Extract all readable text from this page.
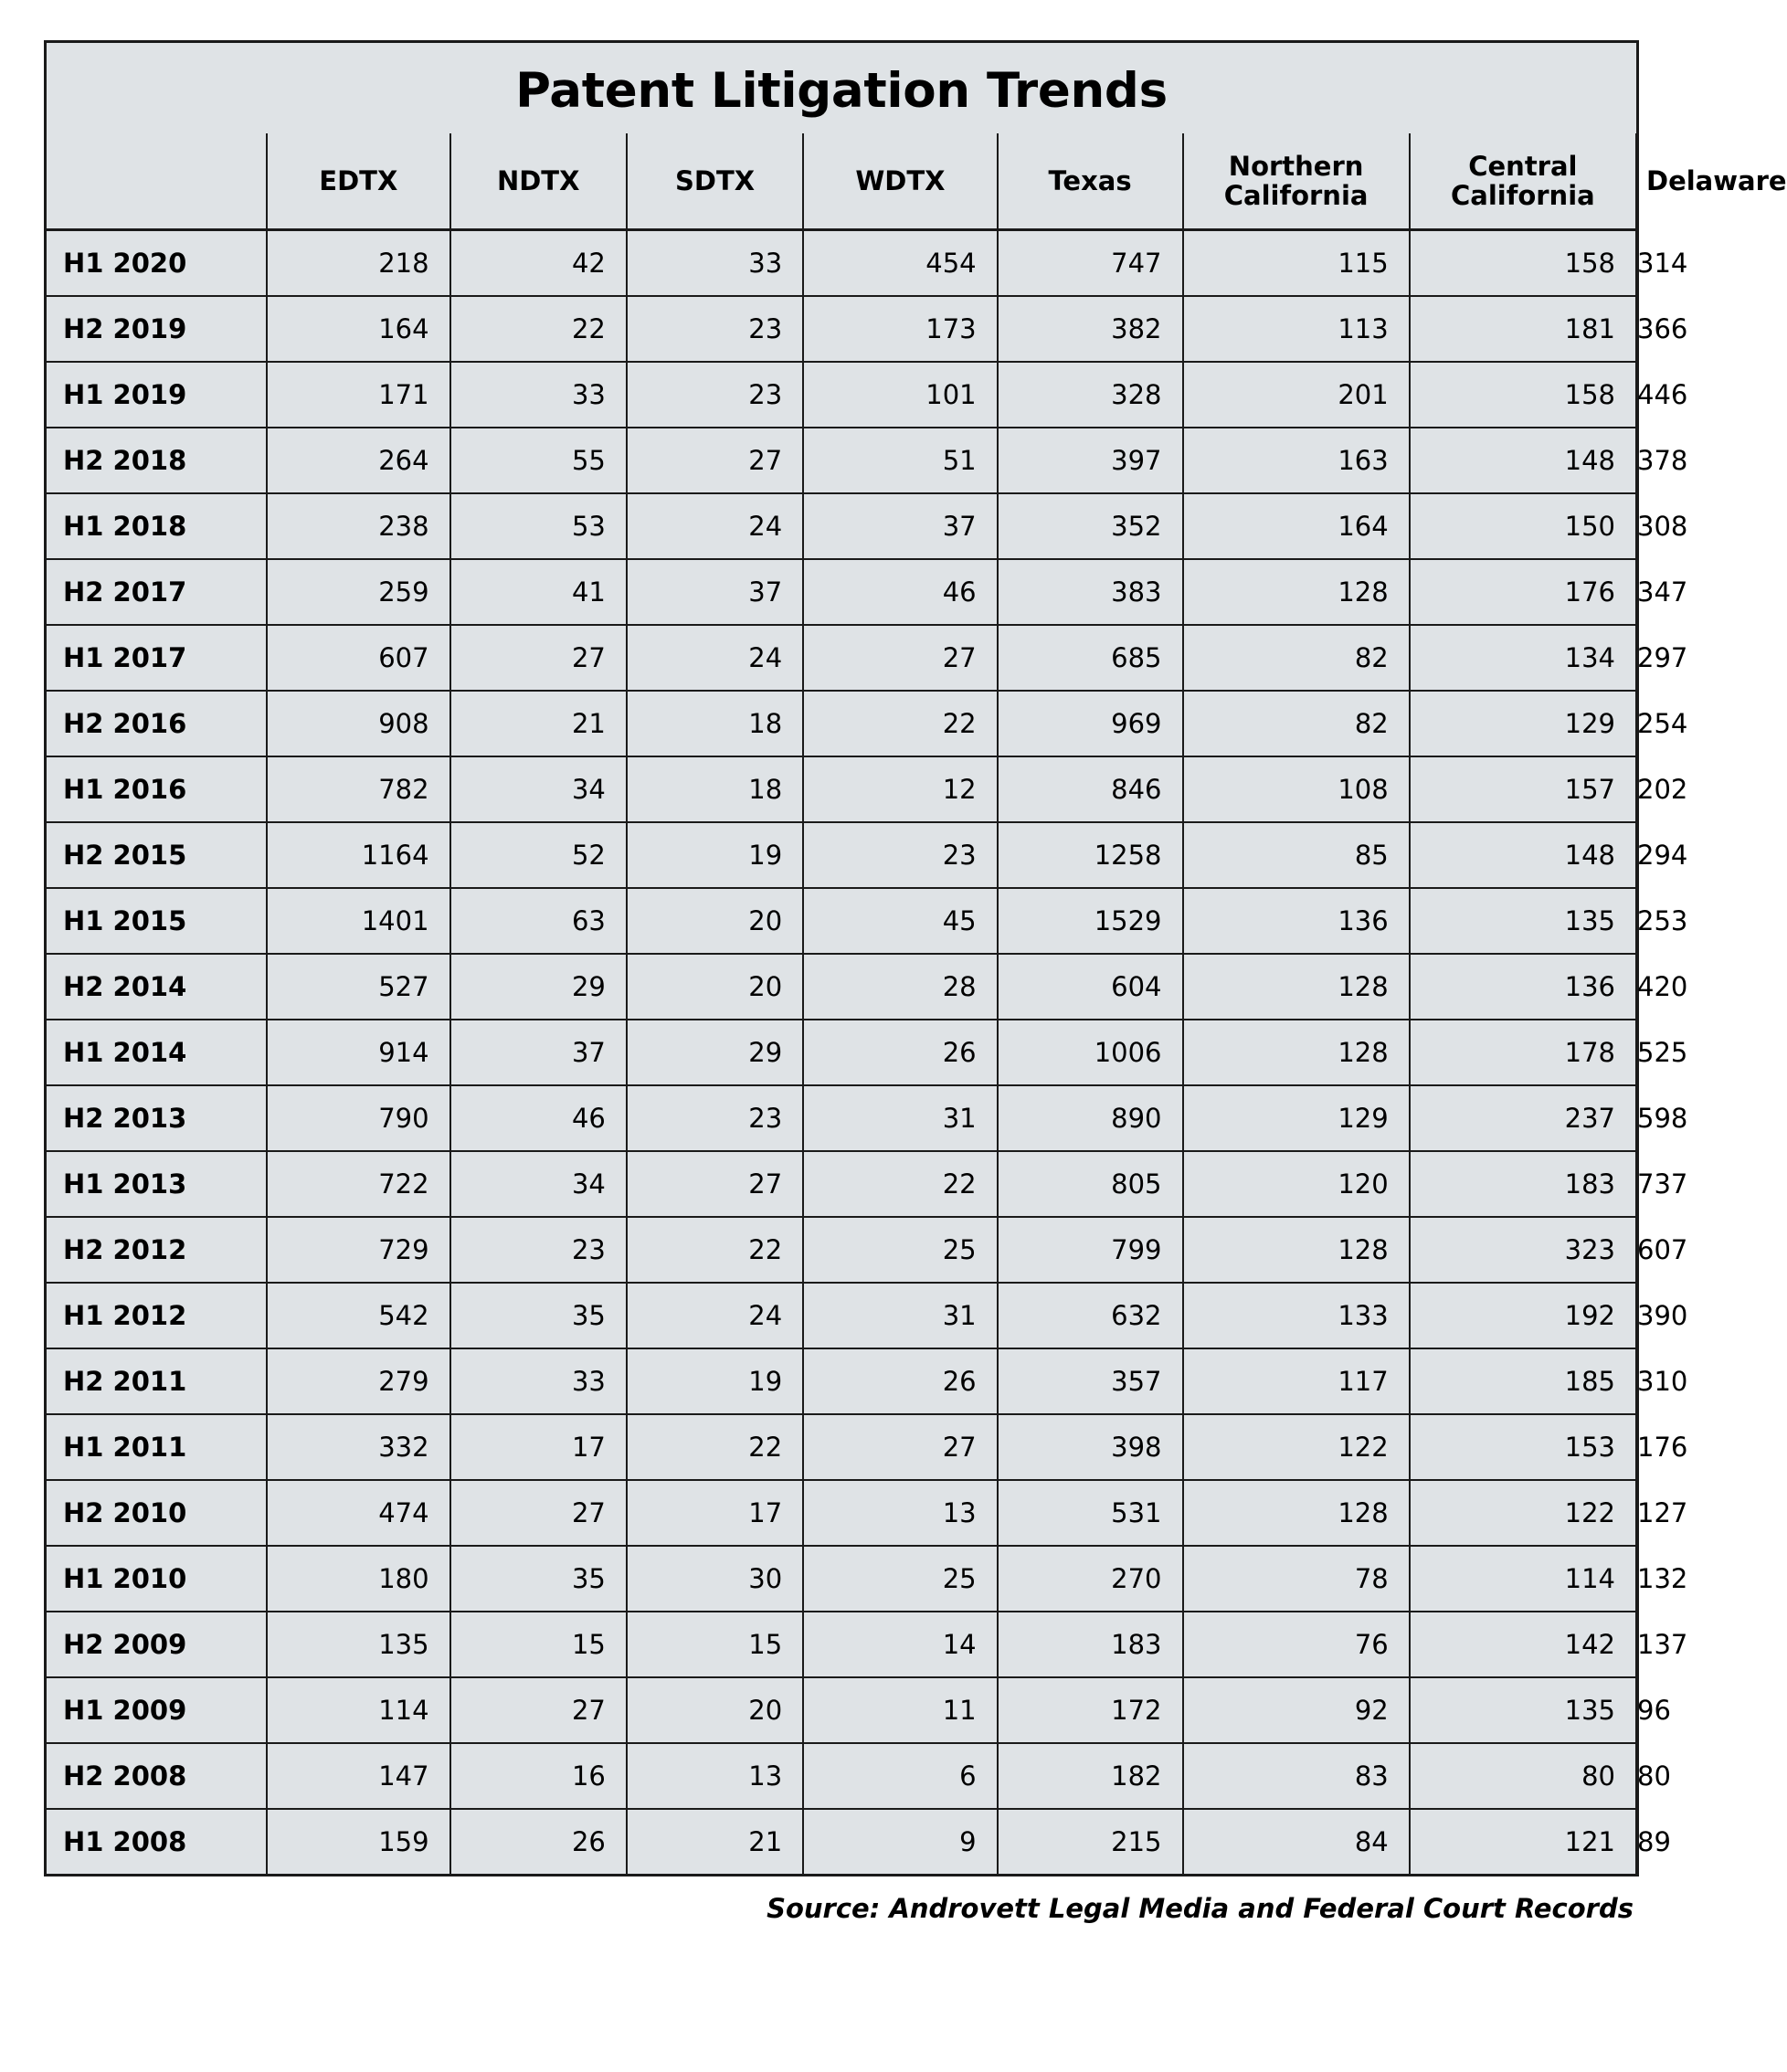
Patent Litigation Trends
	EDTX	NDTX	SDTX	WDTX	Texas	Northern California	Central California	Delaware
H1 2020	218	42	33	454	747	115	158	314
H2 2019	164	22	23	173	382	113	181	366
H1 2019	171	33	23	101	328	201	158	446
H2 2018	264	55	27	51	397	163	148	378
H1 2018	238	53	24	37	352	164	150	308
H2 2017	259	41	37	46	383	128	176	347
H1 2017	607	27	24	27	685	82	134	297
H2 2016	908	21	18	22	969	82	129	254
H1 2016	782	34	18	12	846	108	157	202
H2 2015	1164	52	19	23	1258	85	148	294
H1 2015	1401	63	20	45	1529	136	135	253
H2 2014	527	29	20	28	604	128	136	420
H1 2014	914	37	29	26	1006	128	178	525
H2 2013	790	46	23	31	890	129	237	598
H1 2013	722	34	27	22	805	120	183	737
H2 2012	729	23	22	25	799	128	323	607
H1 2012	542	35	24	31	632	133	192	390
H2 2011	279	33	19	26	357	117	185	310
H1 2011	332	17	22	27	398	122	153	176
H2 2010	474	27	17	13	531	128	122	127
H1 2010	180	35	30	25	270	78	114	132
H2 2009	135	15	15	14	183	76	142	137
H1 2009	114	27	20	11	172	92	135	96
H2 2008	147	16	13	6	182	83	80	80
H1 2008	159	26	21	9	215	84	121	89
Source: Androvett Legal Media and Federal Court Records
